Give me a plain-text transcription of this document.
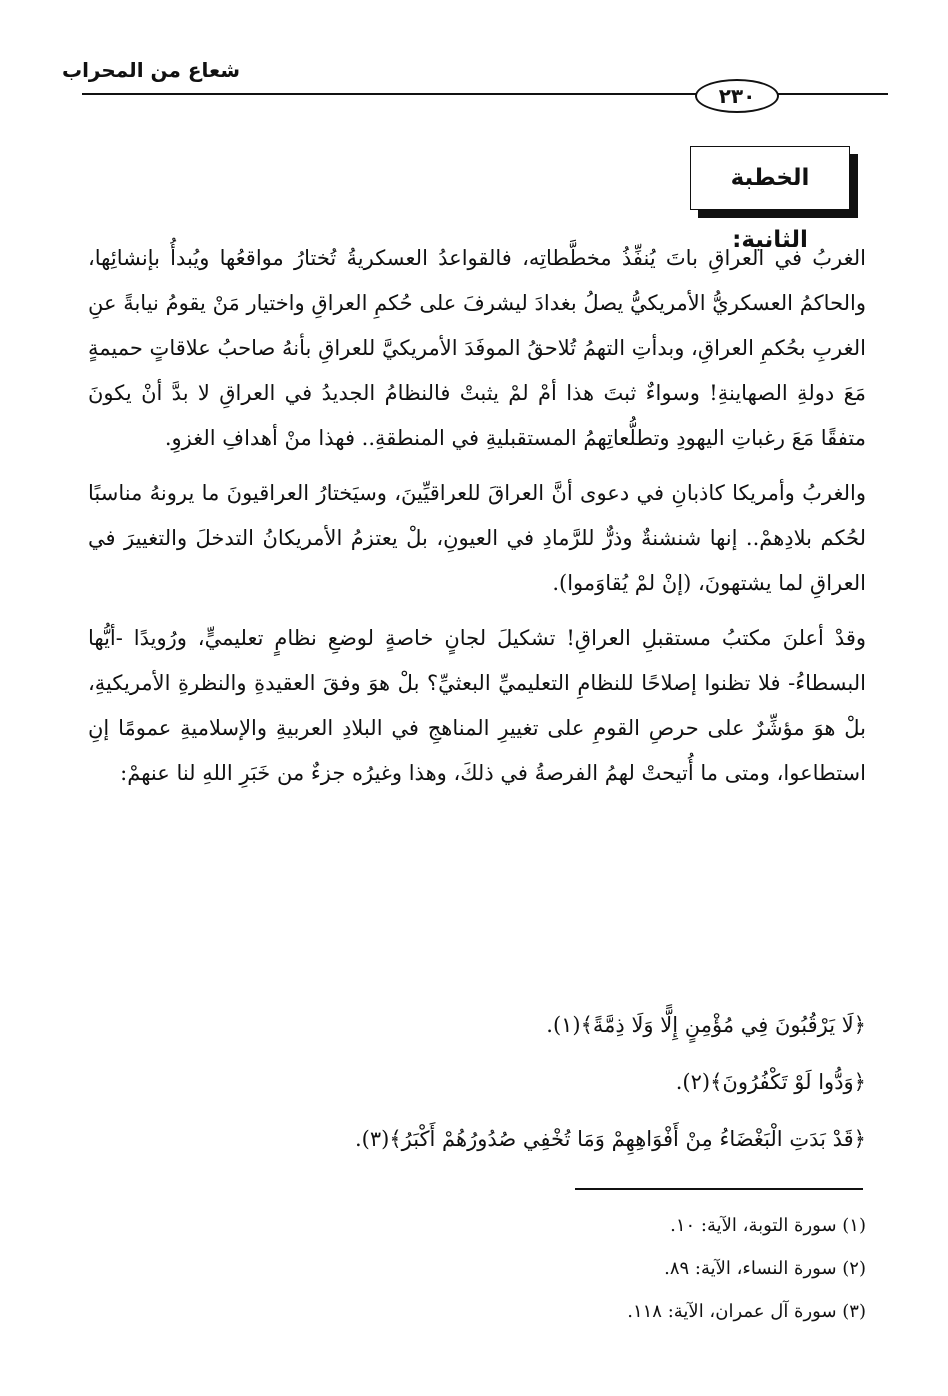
شعاع من المحراب
٢٣٠
الخطبة الثانية:

الغربُ في العراقِ باتَ يُنفِّذُ مخطَّطاتِه، فالقواعدُ العسكريةُ تُختارُ مواقعُها ويُبدأُ بإنشائِها، والحاكمُ العسكريُّ الأمريكيُّ يصلُ بغدادَ ليشرفَ على حُكمِ العراقِ واختيار مَنْ يقومُ نيابةً عنِ الغربِ بحُكمِ العراقِ، وبدأتِ التهمُ تُلاحقُ الموفَدَ الأمريكيَّ للعراقِ بأنهُ صاحبُ علاقاتٍ حميمةٍ مَعَ دولةِ الصهاينةِ! وسواءٌ ثبتَ هذا أمْ لمْ يثبتْ فالنظامُ الجديدُ في العراقِ لا بدَّ أنْ يكونَ متفقًا مَعَ رغباتِ اليهودِ وتطلُّعاتِهمُ المستقبليةِ في المنطقةِ.. فهذا منْ أهدافِ الغزوِ.

والغربُ وأمريكا كاذبانِ في دعوى أنَّ العراقَ للعراقيِّينَ، وسيَختارُ العراقيونَ ما يرونهُ مناسبًا لحُكم بلادِهمْ.. إنها شنشنةٌ وذرٌّ للرَّمادِ في العيونِ، بلْ يعتزمُ الأمريكانُ التدخلَ والتغييرَ في العراقِ لما يشتهونَ، (إنْ لمْ يُقاوَموا).

وقدْ أعلنَ مكتبُ مستقبلِ العراقِ! تشكيلَ لجانٍ خاصةٍ لوضعِ نظامٍ تعليميٍّ، ورُويدًا -أيُّها البسطاءُ- فلا تظنوا إصلاحًا للنظامِ التعليميِّ البعثيِّ؟ بلْ هوَ وفقَ العقيدةِ والنظرةِ الأمريكيةِ، بلْ هوَ مؤشِّرٌ على حرصِ القومِ على تغييرِ المناهجِ في البلادِ العربيةِ والإسلاميةِ عمومًا إنِ استطاعوا، ومتى ما أُتيحتْ لهمُ الفرصةُ في ذلكَ، وهذا وغيرُه جزءٌ من خَبَرِ اللهِ لنا عنهمْ:

﴿لَا يَرْقُبُونَ فِي مُؤْمِنٍ إِلًّا وَلَا ذِمَّةً﴾(١).
﴿وَدُّوا لَوْ تَكْفُرُونَ﴾(٢).
﴿قَدْ بَدَتِ الْبَغْضَاءُ مِنْ أَفْوَاهِهِمْ وَمَا تُخْفِي صُدُورُهُمْ أَكْبَرُ﴾(٣).
(١) سورة التوبة، الآية: ١٠.
(٢) سورة النساء، الآية: ٨٩.
(٣) سورة آل عمران، الآية: ١١٨.
